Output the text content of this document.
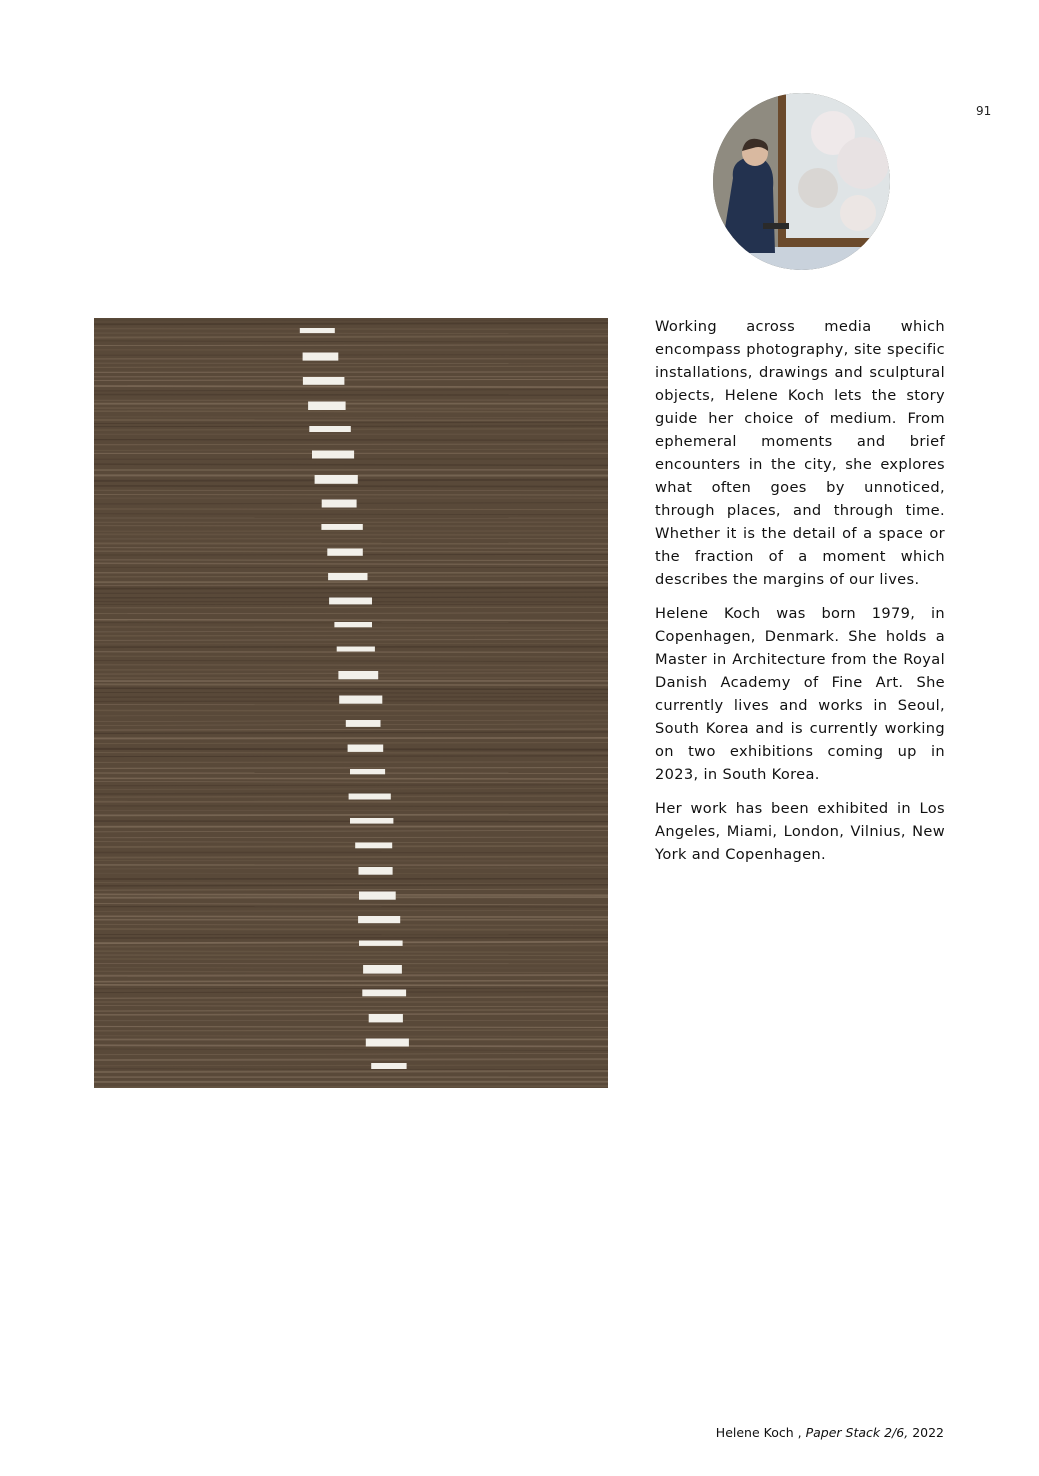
91

Working across media which encompass photography, site specific installations, drawings and sculptural objects, Helene Koch lets the story guide her choice of medium. From ephemeral moments and brief encounters in the city, she explores what often goes by unnoticed, through places, and through time. Whether it is the detail of a space or the fraction of a moment which describes the margins of our lives.

Helene Koch was born 1979, in Copenhagen, Denmark. She holds a Master in Architecture from the Royal Danish Academy of Fine Art. She currently lives and works in Seoul, South Korea and is currently working on two exhibitions coming up in 2023, in South Korea.

Her work has been exhibited in Los Angeles, Miami, London, Vilnius, New York and Copenhagen.

Helene Koch , Paper Stack 2/6, 2022
